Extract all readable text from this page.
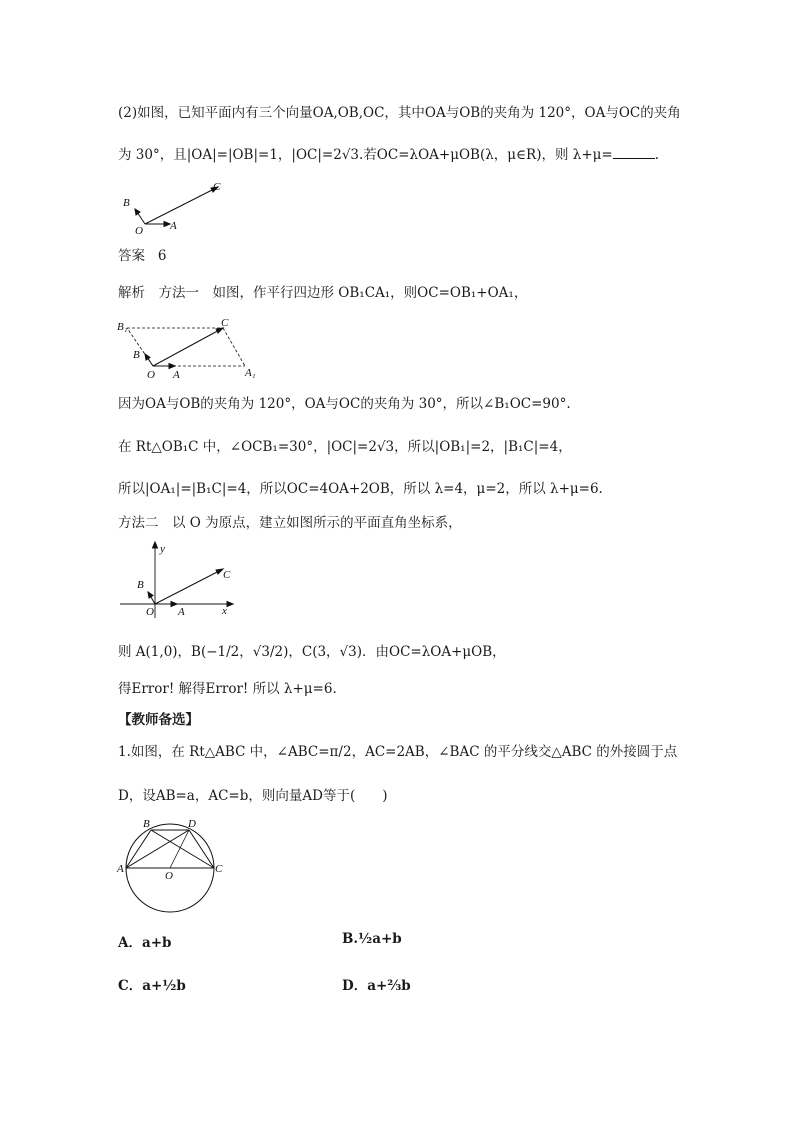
(2)如图，已知平面内有三个向量OA,OB,OC，其中OA与OB的夹角为 120°，OA与OC的夹角
为 30°，且|OA|=|OB|=1，|OC|=2√3.若OC=λOA+μOB(λ，μ∈R)，则 λ+μ=	.
B
O A
C
答案 6
解析　方法一　如图，作平行四边形 OB₁CA₁，则OC=OB₁+OA₁，
B₁	C
B
O A	A₁
因为OA与OB的夹角为 120°，OA与OC的夹角为 30°，所以∠B₁OC=90°.
在 Rt△OB₁C 中，∠OCB₁=30°，|OC|=2√3，所以|OB₁|=2，|B₁C|=4，
所以|OA₁|=|B₁C|=4，所以OC=4OA+2OB，所以 λ=4，μ=2，所以 λ+μ=6.
方法二　以 O 为原点，建立如图所示的平面直角坐标系，
y
C
B
O A	x
则 A(1,0)，B(−1/2，√3/2)，C(3，√3)．由OC=λOA+μOB，
得Error! 解得Error! 所以 λ+μ=6.
【教师备选】
1.如图，在 Rt△ABC 中，∠ABC=π/2，AC=2AB，∠BAC 的平分线交△ABC 的外接圆于点
D，设AB=a，AC=b，则向量AD等于(　　)
B	D
A
O
C
A．a+b	B.½a+b
C．a+½b	D．a+⅔b
